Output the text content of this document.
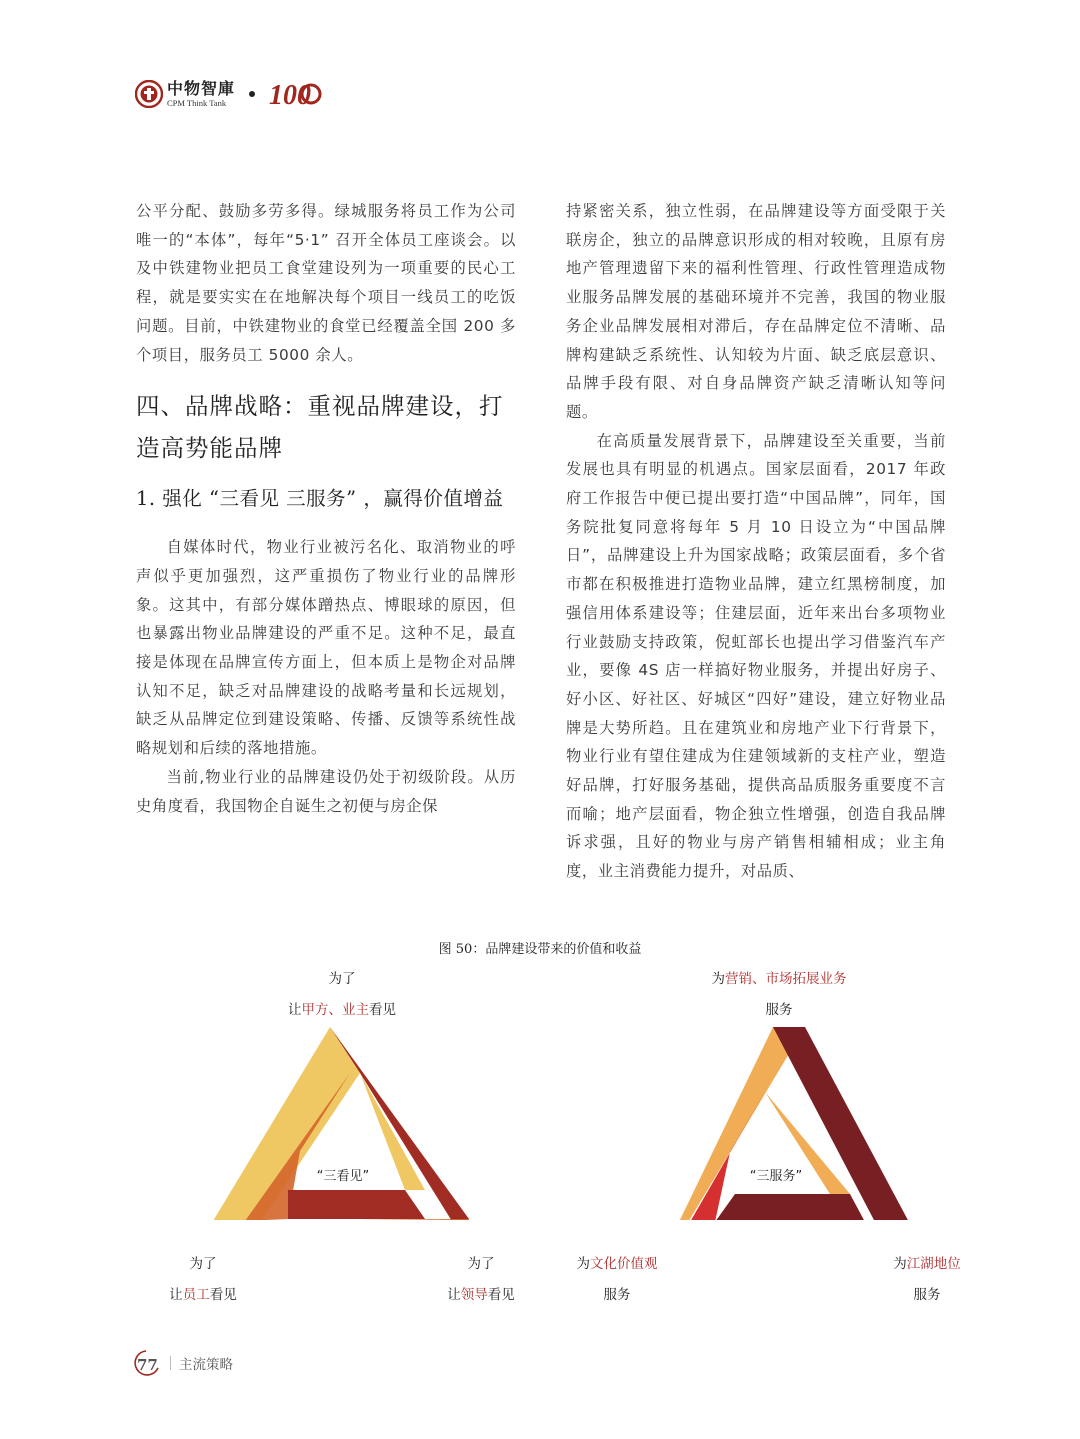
中物智庫
CPM Think Tank	100

公平分配、鼓励多劳多得。绿城服务将员工作为公司唯一的“本体”，每年“5·1” 召开全体员工座谈会。以及中铁建物业把员工食堂建设列为一项重要的民心工程，就是要实实在在地解决每个项目一线员工的吃饭问题。目前，中铁建物业的食堂已经覆盖全国 200 多个项目，服务员工 5000 余人。

四、品牌战略：重视品牌建设，打造高势能品牌

1. 强化 “三看见 三服务” ，赢得价值增益

自媒体时代，物业行业被污名化、取消物业的呼声似乎更加强烈，这严重损伤了物业行业的品牌形象。这其中，有部分媒体蹭热点、博眼球的原因，但也暴露出物业品牌建设的严重不足。这种不足，最直接是体现在品牌宣传方面上，但本质上是物企对品牌认知不足，缺乏对品牌建设的战略考量和长远规划，缺乏从品牌定位到建设策略、传播、反馈等系统性战略规划和后续的落地措施。

当前,物业行业的品牌建设仍处于初级阶段。从历史角度看，我国物企自诞生之初便与房企保

持紧密关系，独立性弱，在品牌建设等方面受限于关联房企，独立的品牌意识形成的相对较晚，且原有房地产管理遗留下来的福利性管理、行政性管理造成物业服务品牌发展的基础环境并不完善，我国的物业服务企业品牌发展相对滞后，存在品牌定位不清晰、品牌构建缺乏系统性、认知较为片面、缺乏底层意识、品牌手段有限、对自身品牌资产缺乏清晰认知等问题。

在高质量发展背景下，品牌建设至关重要，当前发展也具有明显的机遇点。国家层面看，2017 年政府工作报告中便已提出要打造“中国品牌”，同年，国务院批复同意将每年 5 月 10 日设立为“中国品牌日”，品牌建设上升为国家战略；政策层面看，多个省市都在积极推进打造物业品牌，建立红黑榜制度，加强信用体系建设等；住建层面，近年来出台多项物业行业鼓励支持政策，倪虹部长也提出学习借鉴汽车产业，要像 4S 店一样搞好物业服务，并提出好房子、好小区、好社区、好城区“四好”建设，建立好物业品牌是大势所趋。且在建筑业和房地产业下行背景下，物业行业有望住建成为住建领域新的支柱产业，塑造好品牌，打好服务基础，提供高品质服务重要度不言而喻；地产层面看，物企独立性增强，创造自我品牌诉求强，且好的物业与房产销售相辅相成；业主角度，业主消费能力提升，对品质、

图 50：品牌建设带来的价值和收益
“三看见”	“三服务”
为了
让甲方、业主看见
为了
让员工看见
为了
让领导看见
为营销、市场拓展业务
服务
为文化价值观
服务
为江湖地位
服务
77 主流策略
